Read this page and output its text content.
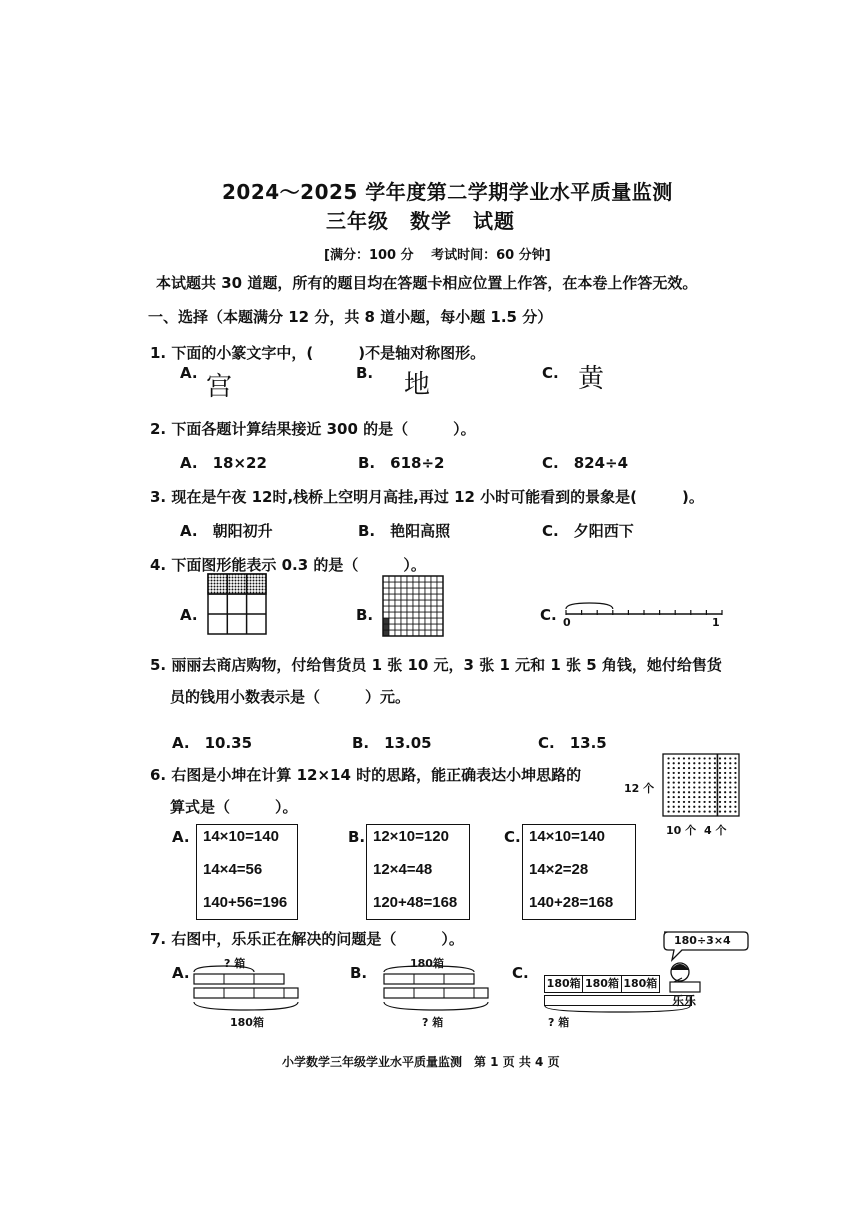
2024～2025 学年度第二学期学业水平质量监测
三年级　数学　试题
[满分：100 分　 考试时间：60 分钟]
本试题共 30 道题，所有的题目均在答题卡相应位置上作答，在本卷上作答无效。
一、选择（本题满分 12 分，共 8 道小题，每小题 1.5 分）
1. 下面的小篆文字中，(　　　)不是轴对称图形。
A. 宫	B. 地	C. 黄
2. 下面各题计算结果接近 300 的是（　　　）。
A.　18×22	B.　618÷2	C.　824÷4
3. 现在是午夜 12时,栈桥上空明月高挂,再过 12 小时可能看到的景象是(　　　)。
A.　朝阳初升	B.　艳阳高照	C.　夕阳西下
4. 下面图形能表示 0.3 的是（　　　）。
A.	B.	C. 0	1
5. 丽丽去商店购物，付给售货员 1 张 10 元，3 张 1 元和 1 张 5 角钱，她付给售货
员的钱用小数表示是（　　　）元。
A.　10.35	B.　13.05	C.　13.5
6. 右图是小坤在计算 12×14 时的思路，能正确表达小坤思路的
算式是（　　　）。
12 个
10 个 4 个
A. 14×10=140
14×4=56
140+56=196
B. 12×10=120
12×4=48
120+48=168
C. 14×10=140
14×2=28
140+28=168
7. 右图中，乐乐正在解决的问题是（　　　）。	180÷3×4
乐乐
A.
? 箱
180箱
B.
180箱
? 箱
C.
180箱 180箱 180箱
? 箱
小学数学三年级学业水平质量监测　第 1 页 共 4 页
